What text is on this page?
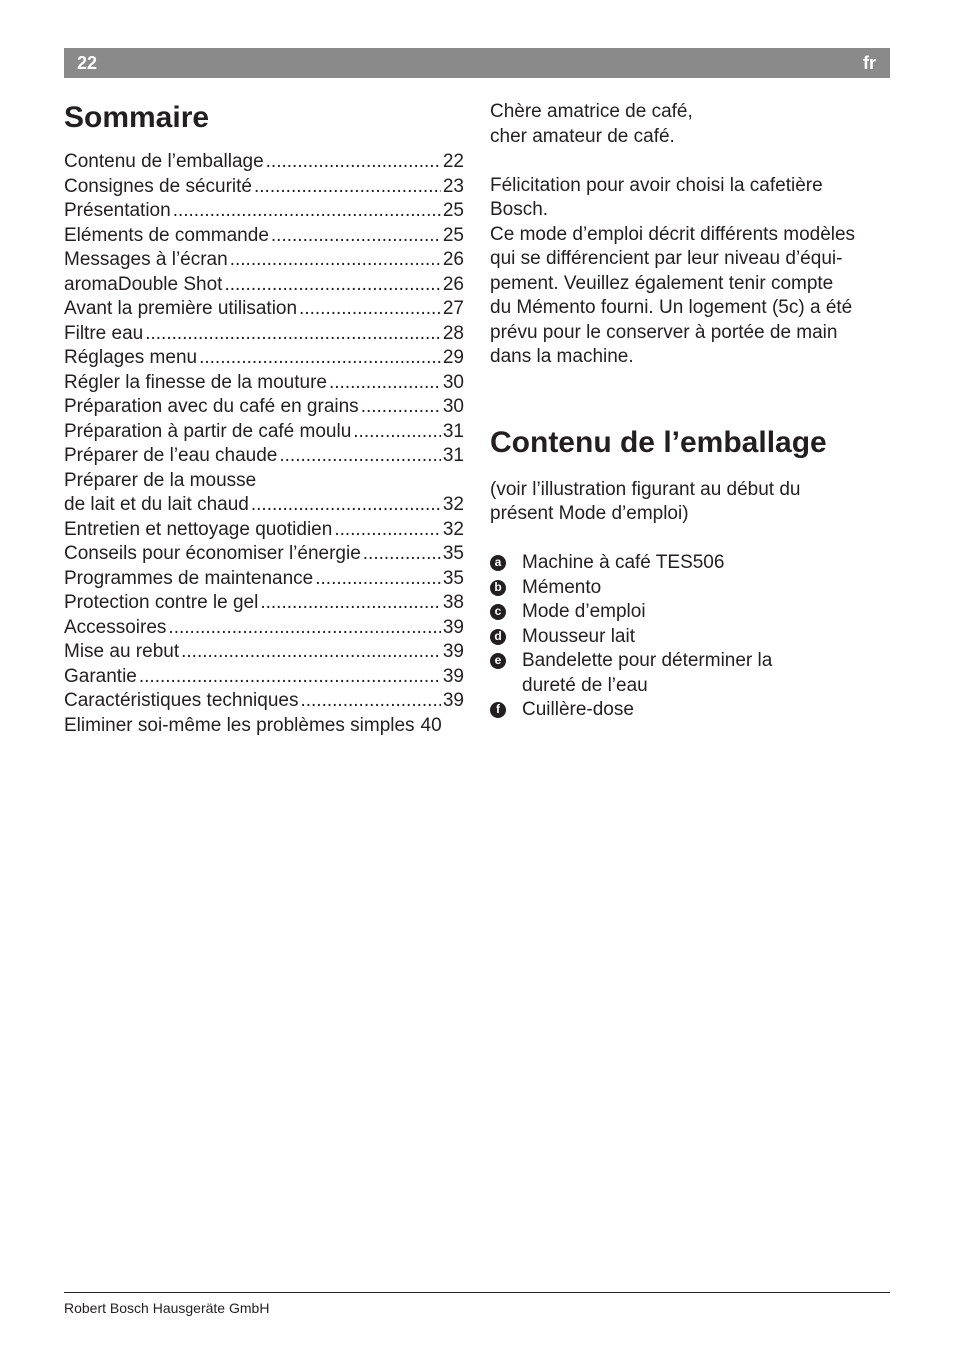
22	fr
Sommaire
Contenu de l’emballage .....	22
Consignes de sécurité .....	23
Présentation .....	25
Eléments de commande .....	25
Messages à l’écran .....	26
aromaDouble Shot .....	26
Avant la première utilisation .....	27
Filtre eau .....	28
Réglages menu .....	29
Régler la finesse de la mouture .....	30
Préparation avec du café en grains .....	30
Préparation à partir de café moulu .....	31
Préparer de l’eau chaude .....	31
Préparer de la mousse
de lait et du lait chaud .....	32
Entretien et nettoyage quotidien .....	32
Conseils pour économiser l’énergie .....	35
Programmes de maintenance .....	35
Protection contre le gel .....	38
Accessoires .....	39
Mise au rebut .....	39
Garantie .....	39
Caractéristiques techniques .....	39
Eliminer soi-même les problèmes simples 40

Chère amatrice de café,

cher amateur de café.

Félicitation pour avoir choisi la cafetière

Bosch.

Ce mode d’emploi décrit différents modèles

qui se différencient par leur niveau d’équi-

pement. Veuillez également tenir compte

du Mémento fourni. Un logement (5c) a été

prévu pour le conserver à portée de main

dans la machine.

Contenu de l’emballage

(voir l’illustration figurant au début du

présent Mode d’emploi)

a Machine à café TES506
b Mémento
c Mode d’emploi
d Mousseur lait
e Bandelette pour déterminer la
dureté de l’eau
f	Cuillère-dose
Robert Bosch Hausgeräte GmbH
